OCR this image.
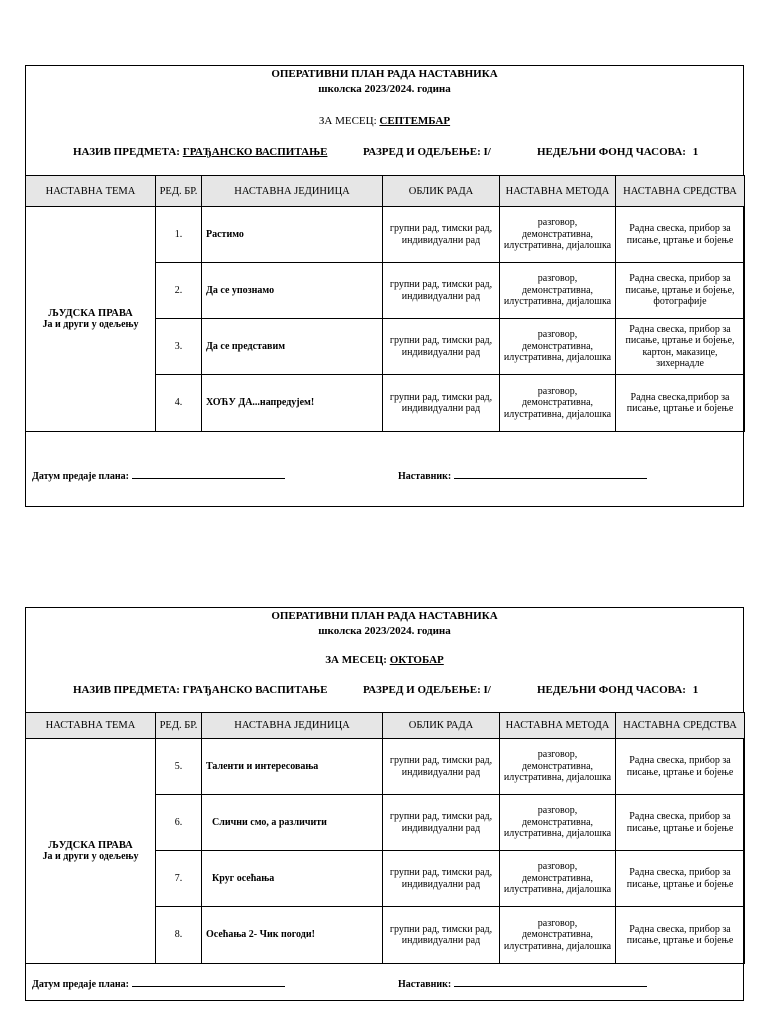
ОПЕРАТИВНИ ПЛАН РАДА НАСТАВНИКА
школска 2023/2024. година
ЗА МЕСЕЦ: СЕПТЕМБАР
НАЗИВ ПРЕДМЕТА: ГРАЂАНСКО ВАСПИТАЊЕ	РАЗРЕД И ОДЕЉЕЊЕ: I/	НЕДЕЉНИ ФОНД ЧАСОВА: 1
НАСТАВНА ТЕМА	РЕД. БР.	НАСТАВНА ЈЕДИНИЦА	ОБЛИК РАДА	НАСТАВНА МЕТОДА	НАСТАВНА СРЕДСТВА

ЉУДСКА ПРАВА
Ја и други у одељењу	1.	Растимо	групни рад, тимски рад, индивидуални рад	разговор, демонстративна, илустративна, дијалошка	Радна свеска, прибор за писање, цртање и бојење
	2.	Да се упознамо	групни рад, тимски рад, индивидуални рад	разговор, демонстративна, илустративна, дијалошка	Радна свеска, прибор за писање, цртање и бојење, фотографије
	3.	Да се представим	групни рад, тимски рад, индивидуални рад	разговор, демонстративна, илустративна, дијалошка	Радна свеска, прибор за писање, цртање и бојење, картон, маказице, зихернадле
	4.	ХОЋУ ДА...напредујем!	групни рад, тимски рад, индивидуални рад	разговор, демонстративна, илустративна, дијалошка	Радна свеска,прибор за писање, цртање и бојење
Датум предаје плана:	Наставник:
ОПЕРАТИВНИ ПЛАН РАДА НАСТАВНИКА
школска 2023/2024. година
ЗА МЕСЕЦ: ОКТОБАР
НАЗИВ ПРЕДМЕТА: ГРАЂАНСКО ВАСПИТАЊЕ	РАЗРЕД И ОДЕЉЕЊЕ: I/	НЕДЕЉНИ ФОНД ЧАСОВА: 1
НАСТАВНА ТЕМА	РЕД. БР.	НАСТАВНА ЈЕДИНИЦА	ОБЛИК РАДА	НАСТАВНА МЕТОДА	НАСТАВНА СРЕДСТВА

ЉУДСКА ПРАВА
Ја и други у одељењу	5.	Таленти и интересовања	групни рад, тимски рад, индивидуални рад	разговор, демонстративна, илустративна, дијалошка	Радна свеска, прибор за писање, цртање и бојење
	6.	Слични смо, а различити	групни рад, тимски рад, индивидуални рад	разговор, демонстративна, илустративна, дијалошка	Радна свеска, прибор за писање, цртање и бојење
	7.	Круг осећања	групни рад, тимски рад, индивидуални рад	разговор, демонстративна, илустративна, дијалошка	Радна свеска, прибор за писање, цртање и бојење
	8.	Осећања 2- Чик погоди!	групни рад, тимски рад, индивидуални рад	разговор, демонстративна, илустративна, дијалошка	Радна свеска, прибор за писање, цртање и бојење
Датум предаје плана:	Наставник:
